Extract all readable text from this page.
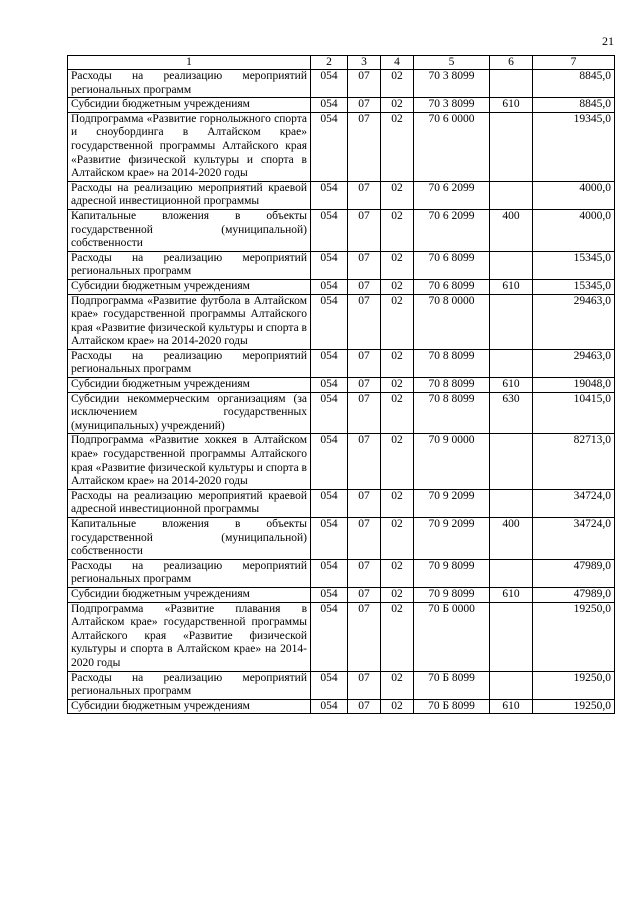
21
1	2	3	4	5	6	7
Расходы на реализацию мероприятий региональных программ	054	07	02	70 3 8099		8845,0
Субсидии бюджетным учреждениям	054	07	02	70 3 8099	610	8845,0
Подпрограмма «Развитие горнолыжного спорта и сноубординга в Алтайском крае» государственной программы Алтайского края «Развитие физической культуры и спорта в Алтайском крае» на 2014-2020 годы	054	07	02	70 6 0000		19345,0
Расходы на реализацию мероприятий краевой адресной инвестиционной программы	054	07	02	70 6 2099		4000,0
Капитальные вложения в объекты государственной (муниципальной) собственности	054	07	02	70 6 2099	400	4000,0
Расходы на реализацию мероприятий региональных программ	054	07	02	70 6 8099		15345,0
Субсидии бюджетным учреждениям	054	07	02	70 6 8099	610	15345,0
Подпрограмма «Развитие футбола в Алтайском крае» государственной программы Алтайского края «Развитие физической культуры и спорта в Алтайском крае» на 2014-2020 годы	054	07	02	70 8 0000		29463,0
Расходы на реализацию мероприятий региональных программ	054	07	02	70 8 8099		29463,0
Субсидии бюджетным учреждениям	054	07	02	70 8 8099	610	19048,0
Субсидии некоммерческим организациям (за исключением государственных (муниципальных) учреждений)	054	07	02	70 8 8099	630	10415,0
Подпрограмма «Развитие хоккея в Алтайском крае» государственной программы Алтайского края «Развитие физической культуры и спорта в Алтайском крае» на 2014-2020 годы	054	07	02	70 9 0000		82713,0
Расходы на реализацию мероприятий краевой адресной инвестиционной программы	054	07	02	70 9 2099		34724,0
Капитальные вложения в объекты государственной (муниципальной) собственности	054	07	02	70 9 2099	400	34724,0
Расходы на реализацию мероприятий региональных программ	054	07	02	70 9 8099		47989,0
Субсидии бюджетным учреждениям	054	07	02	70 9 8099	610	47989,0
Подпрограмма «Развитие плавания в Алтайском крае» государственной программы Алтайского края «Развитие физической культуры и спорта в Алтайском крае» на 2014-2020 годы	054	07	02	70 Б 0000		19250,0
Расходы на реализацию мероприятий региональных программ	054	07	02	70 Б 8099		19250,0
Субсидии бюджетным учреждениям	054	07	02	70 Б 8099	610	19250,0
